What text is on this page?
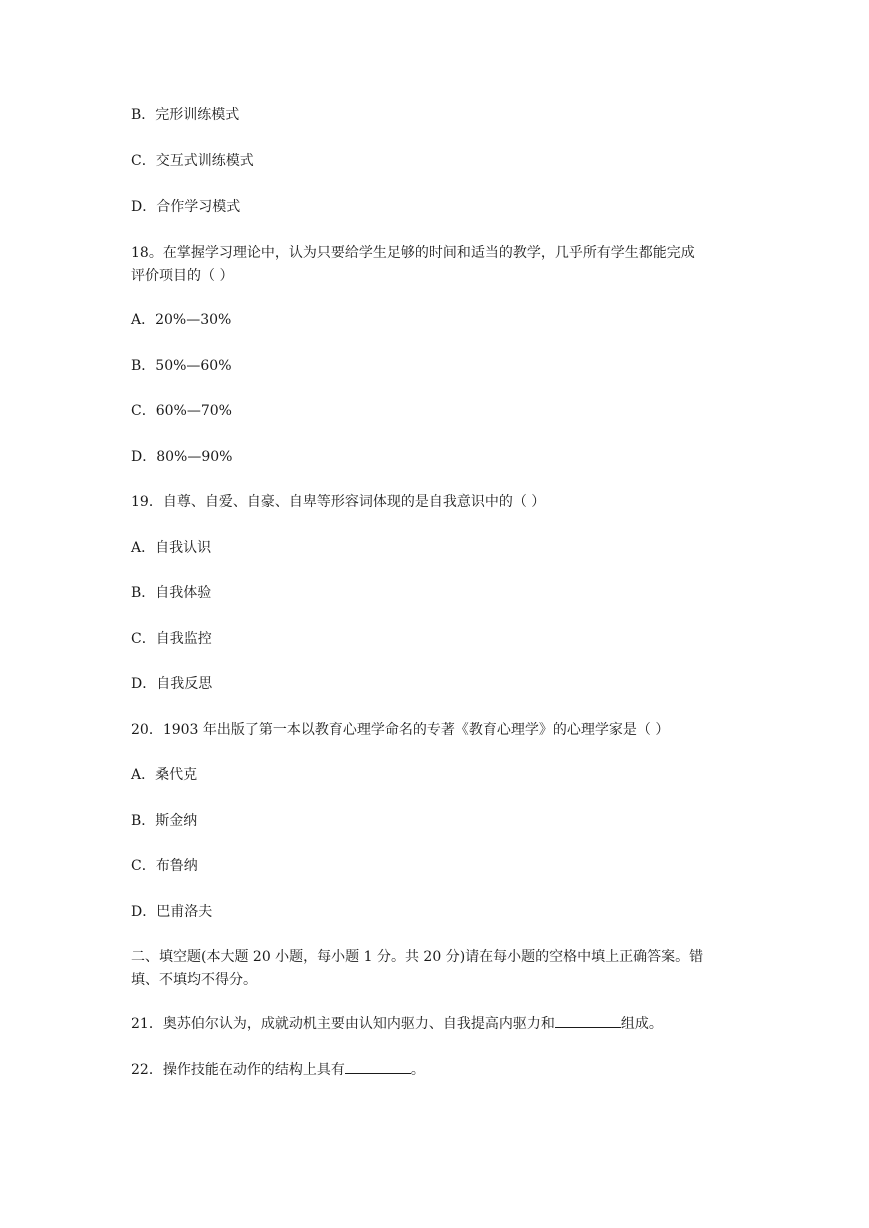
B．完形训练模式

C．交互式训练模式

D．合作学习模式

18。在掌握学习理论中，认为只要给学生足够的时间和适当的教学，几乎所有学生都能完成
评价项目的（ ）

A．20%—30%

B．50%—60%

C．60%—70%

D．80%—90%

19．自尊、自爱、自豪、自卑等形容词体现的是自我意识中的（ ）

A．自我认识

B．自我体验

C．自我监控

D．自我反思

20．1903 年出版了第一本以教育心理学命名的专著《教育心理学》的心理学家是（ ）

A．桑代克

B．斯金纳

C．布鲁纳

D．巴甫洛夫

二、填空题(本大题 20 小题，每小题 1 分。共 20 分)请在每小题的空格中填上正确答案。错
填、不填均不得分。

21．奥苏伯尔认为，成就动机主要由认知内驱力、自我提高内驱力和	组成。

22．操作技能在动作的结构上具有	。
